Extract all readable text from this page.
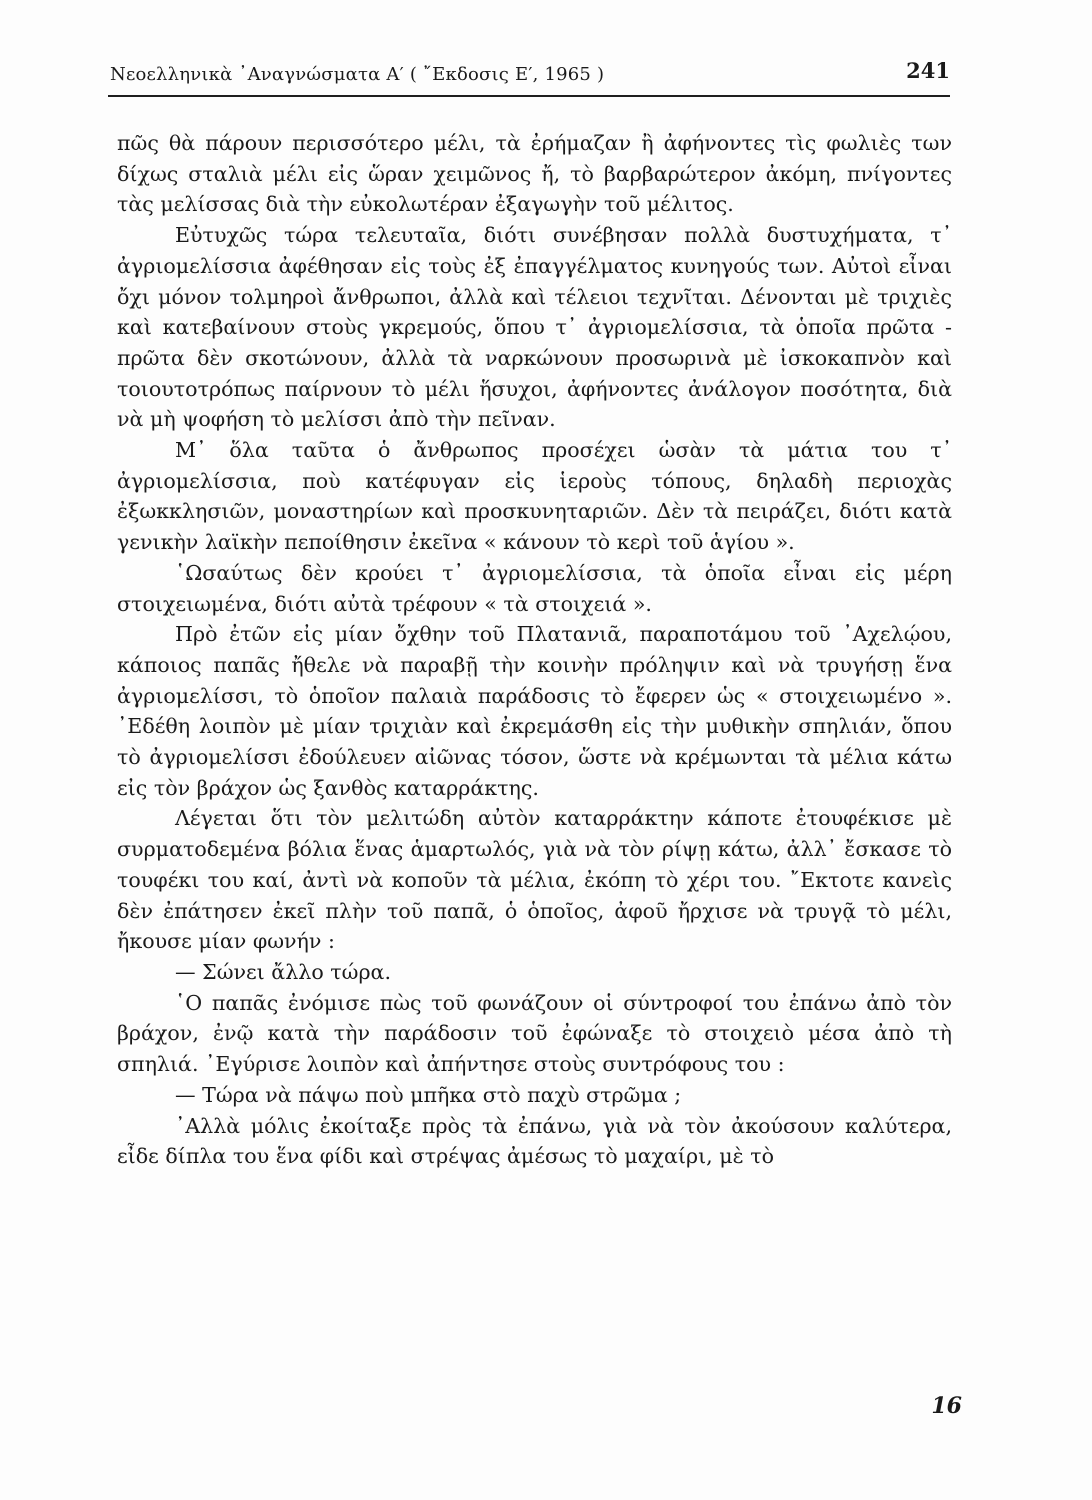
Νεοελληνικὰ ᾿Αναγνώσματα Α′ ( ῎Εκδοσις Ε′, 1965 )	241

πῶς θὰ πάρουν περισσότερο μέλι, τὰ ἐρήμαζαν ἢ ἀφήνοντες τὶς φωλιὲς των δίχως σταλιὰ μέλι εἰς ὥραν χειμῶνος ἤ, τὸ βαρβαρώτερον ἀκόμη, πνίγοντες τὰς μελίσσας διὰ τὴν εὐκολωτέραν ἐξαγωγὴν τοῦ μέλιτος.

Εὐτυχῶς τώρα τελευταῖα, διότι συνέβησαν πολλὰ δυστυχήματα, τ᾿ ἀγριομελίσσια ἀφέθησαν εἰς τοὺς ἐξ ἐπαγγέλματος κυνηγούς των. Αὐτοὶ εἶναι ὄχι μόνον τολμηροὶ ἄνθρωποι, ἀλλὰ καὶ τέλειοι τεχνῖται. Δένονται μὲ τριχιὲς καὶ κατεβαίνουν στοὺς γκρεμούς, ὅπου τ᾿ ἀγριομελίσσια, τὰ ὁποῖα πρῶτα - πρῶτα δὲν σκοτώνουν, ἀλλὰ τὰ ναρκώνουν προσωρινὰ μὲ ἰσκοκαπνὸν καὶ τοιουτοτρόπως παίρνουν τὸ μέλι ἥσυχοι, ἀφήνοντες ἀνάλογον ποσότητα, διὰ νὰ μὴ ψοφήση τὸ μελίσσι ἀπὸ τὴν πεῖναν.

Μ᾿ ὅλα ταῦτα ὁ ἄνθρωπος προσέχει ὡσὰν τὰ μάτια του τ᾿ ἀγριομελίσσια, ποὺ κατέφυγαν εἰς ἱεροὺς τόπους, δηλαδὴ περιοχὰς ἐξωκκλησιῶν, μοναστηρίων καὶ προσκυνηταριῶν. Δὲν τὰ πειράζει, διότι κατὰ γενικὴν λαϊκὴν πεποίθησιν ἐκεῖνα « κάνουν τὸ κερὶ τοῦ ἁγίου ».

῾Ωσαύτως δὲν κρούει τ᾿ ἀγριομελίσσια, τὰ ὁποῖα εἶναι εἰς μέρη στοιχειωμένα, διότι αὐτὰ τρέφουν « τὰ στοιχειά ».

Πρὸ ἐτῶν εἰς μίαν ὄχθην τοῦ Πλατανιᾶ, παραποτάμου τοῦ ᾿Αχελῴου, κάποιος παπᾶς ἤθελε νὰ παραβῇ τὴν κοινὴν πρόληψιν καὶ νὰ τρυγήσῃ ἕνα ἀγριομελίσσι, τὸ ὁποῖον παλαιὰ παράδοσις τὸ ἔφερεν ὡς « στοιχειωμένο ». ᾿Εδέθη λοιπὸν μὲ μίαν τριχιὰν καὶ ἐκρεμάσθη εἰς τὴν μυθικὴν σπηλιάν, ὅπου τὸ ἀγριομελίσσι ἐδούλευεν αἰῶνας τόσον, ὥστε νὰ κρέμωνται τὰ μέλια κάτω εἰς τὸν βράχον ὡς ξανθὸς καταρράκτης.

Λέγεται ὅτι τὸν μελιτώδη αὐτὸν καταρράκτην κάποτε ἐτουφέκισε μὲ συρματοδεμένα βόλια ἕνας ἁμαρτωλός, γιὰ νὰ τὸν ρίψῃ κάτω, ἀλλ᾿ ἔσκασε τὸ τουφέκι του καί, ἀντὶ νὰ κοποῦν τὰ μέλια, ἐκόπη τὸ χέρι του. ῎Εκτοτε κανεὶς δὲν ἐπάτησεν ἐκεῖ πλὴν τοῦ παπᾶ, ὁ ὁποῖος, ἀφοῦ ἤρχισε νὰ τρυγᾷ τὸ μέλι, ἤκουσε μίαν φωνήν :

— Σώνει ἄλλο τώρα.

῾Ο παπᾶς ἐνόμισε πὼς τοῦ φωνάζουν οἱ σύντροφοί του ἐπάνω ἀπὸ τὸν βράχον, ἐνῷ κατὰ τὴν παράδοσιν τοῦ ἐφώναξε τὸ στοιχειὸ μέσα ἀπὸ τὴ σπηλιά. ᾿Εγύρισε λοιπὸν καὶ ἀπήντησε στοὺς συντρόφους του :

— Τώρα νὰ πάψω ποὺ μπῆκα στὸ παχὺ στρῶμα ;

᾿Αλλὰ μόλις ἐκοίταξε πρὸς τὰ ἐπάνω, γιὰ νὰ τὸν ἀκούσουν καλύτερα, εἶδε δίπλα του ἕνα φίδι καὶ στρέψας ἀμέσως τὸ μαχαίρι, μὲ τὸ

16
